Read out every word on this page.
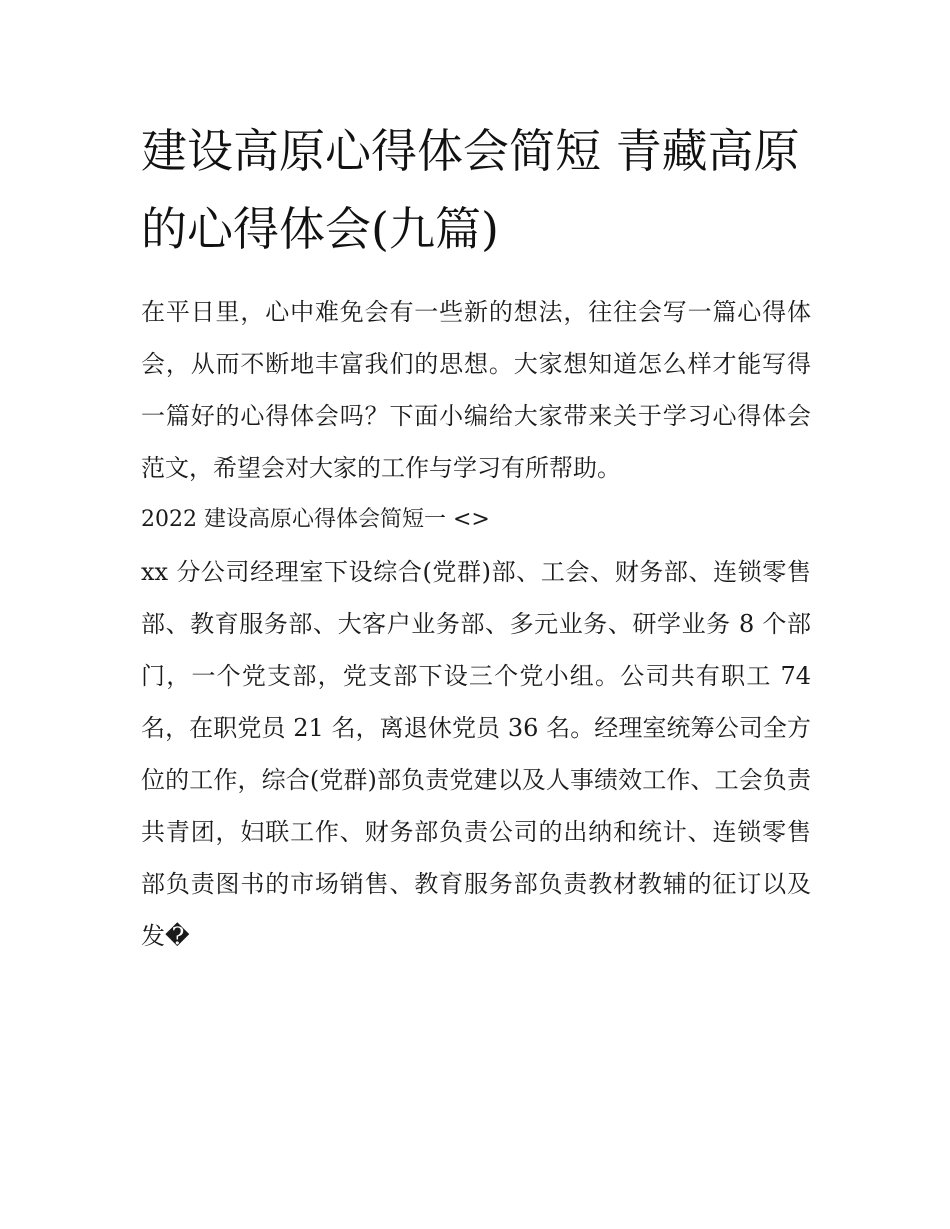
建设高原心得体会简短 青藏高原的心得体会(九篇)

在平日里，心中难免会有一些新的想法，往往会写一篇心得体会，从而不断地丰富我们的思想。大家想知道怎么样才能写得一篇好的心得体会吗？下面小编给大家带来关于学习心得体会范文，希望会对大家的工作与学习有所帮助。

2022 建设高原心得体会简短一 <>

xx 分公司经理室下设综合(党群)部、工会、财务部、连锁零售部、教育服务部、大客户业务部、多元业务、研学业务 8 个部门，一个党支部，党支部下设三个党小组。公司共有职工 74 名，在职党员 21 名，离退休党员 36 名。经理室统筹公司全方位的工作，综合(党群)部负责党建以及人事绩效工作、工会负责共青团，妇联工作、财务部负责公司的出纳和统计、连锁零售部负责图书的市场销售、教育服务部负责教材教辅的征订以及发�
